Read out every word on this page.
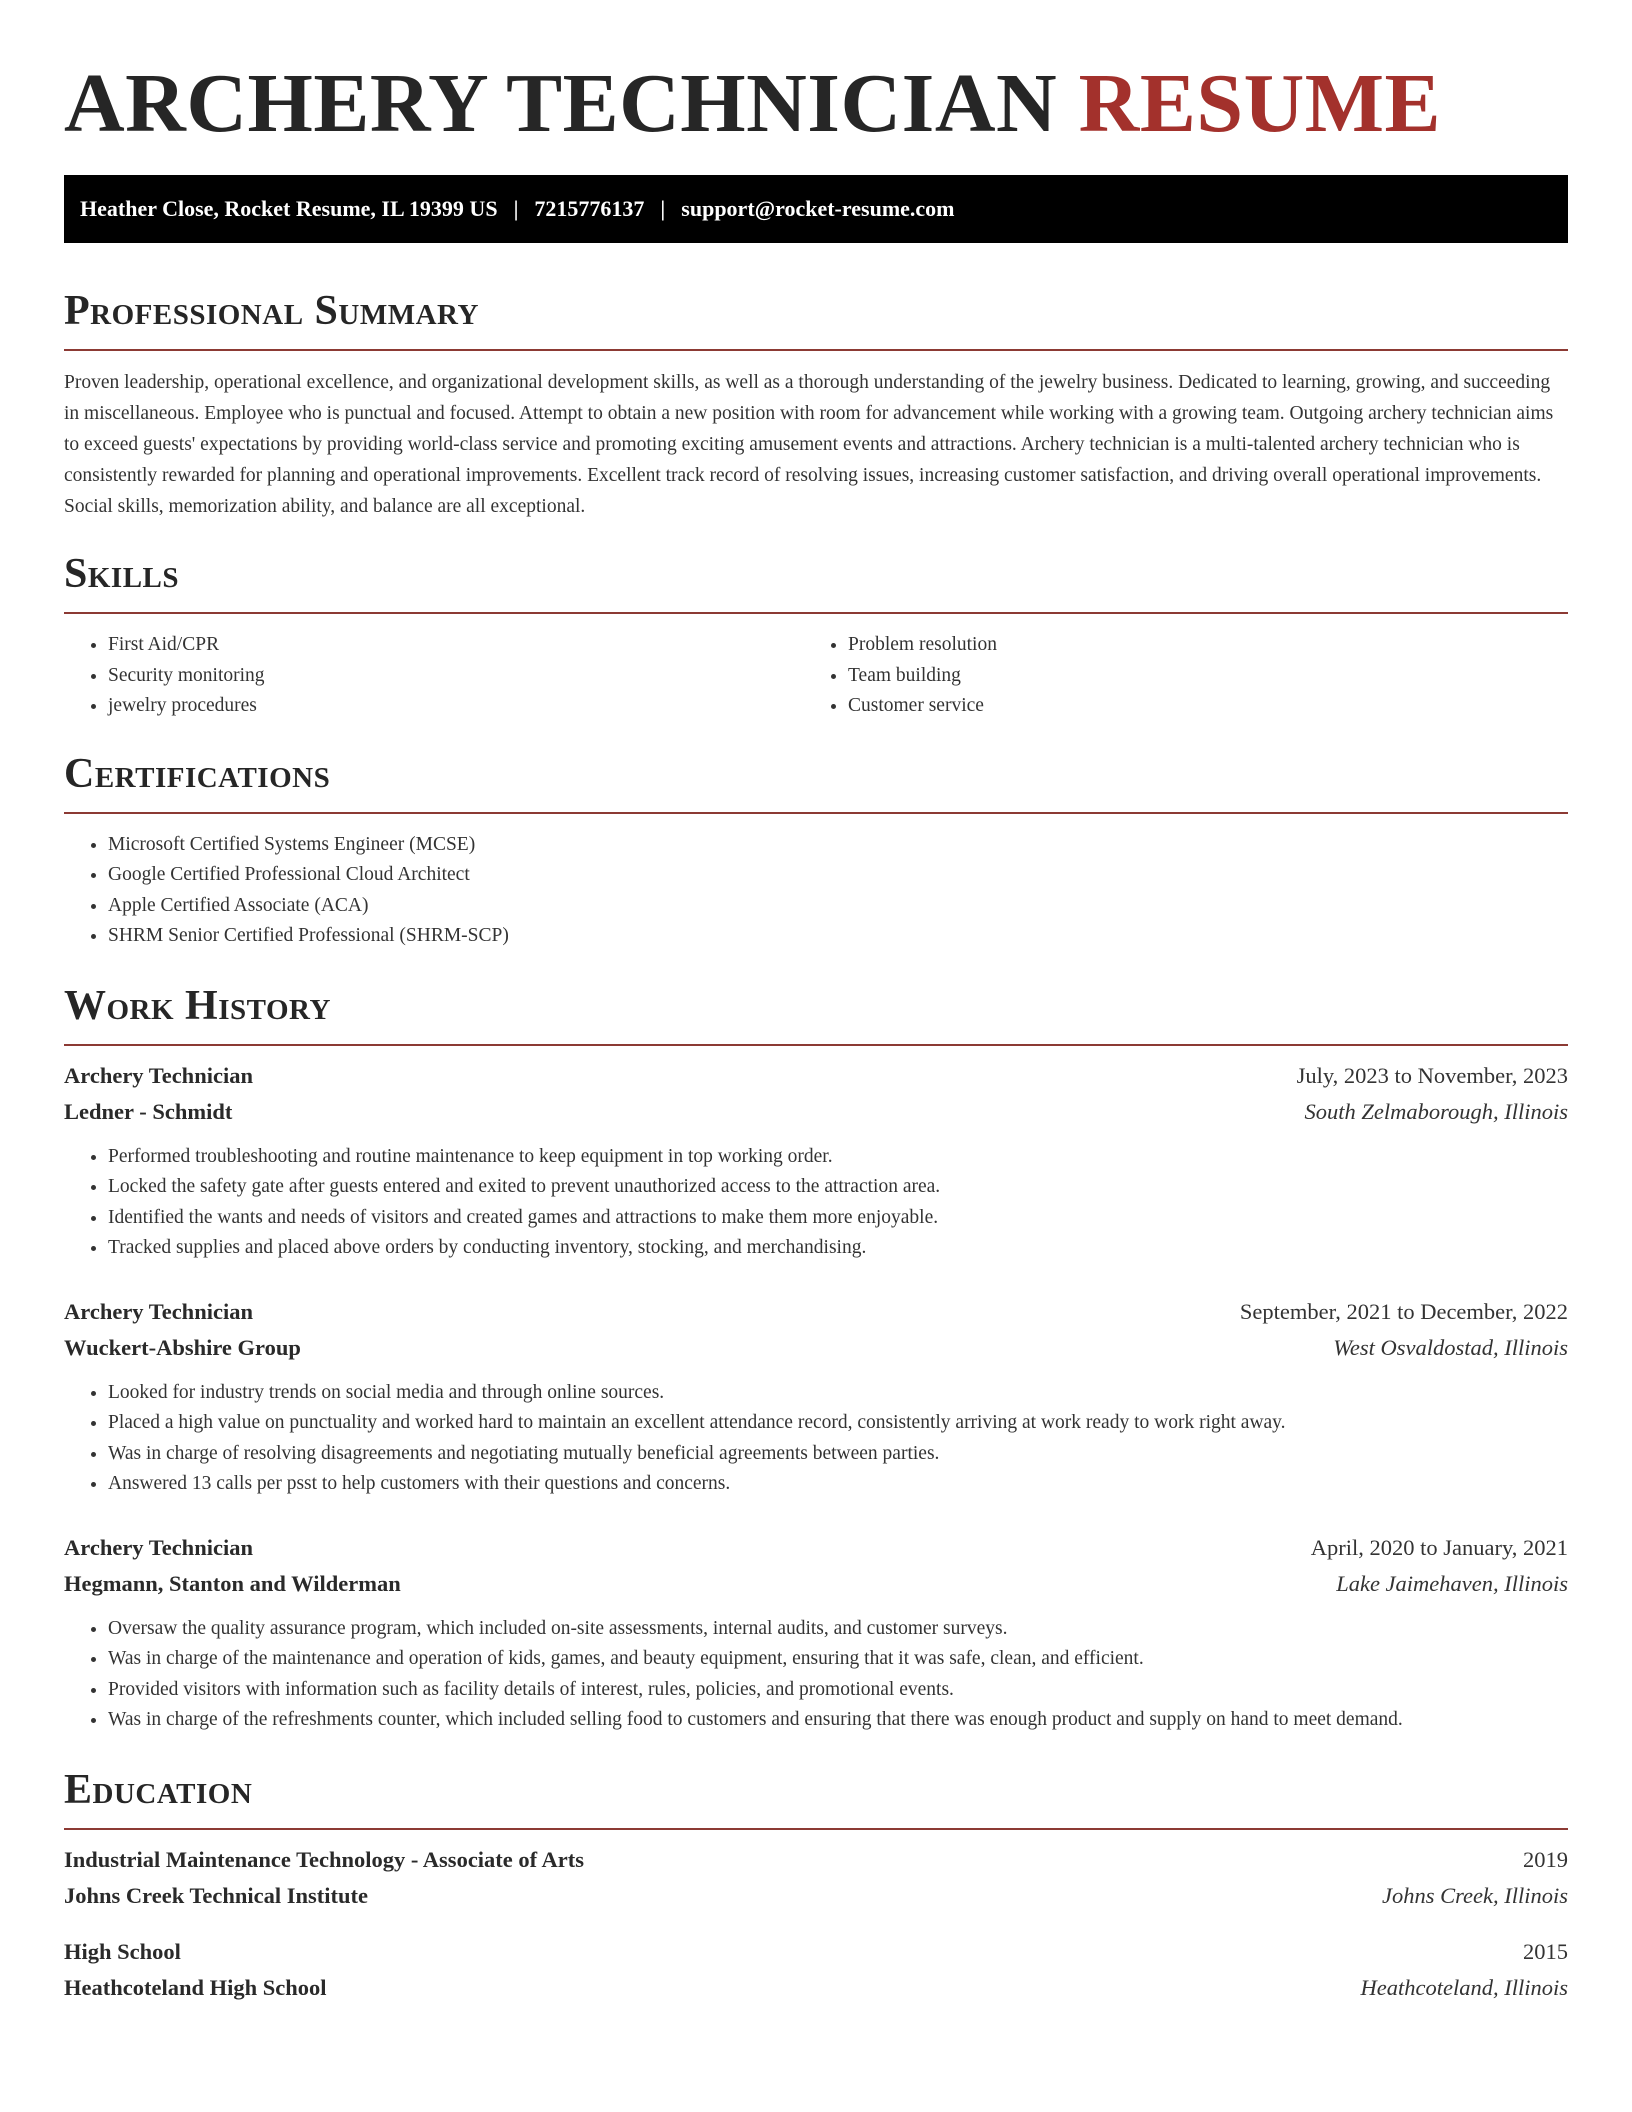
ARCHERY TECHNICIAN RESUME
Heather Close, Rocket Resume, IL 19399 US | 7215776137 | support@rocket-resume.com
Professional Summary

Proven leadership, operational excellence, and organizational development skills, as well as a thorough understanding of the jewelry business. Dedicated to learning, growing, and succeeding in miscellaneous. Employee who is punctual and focused. Attempt to obtain a new position with room for advancement while working with a growing team. Outgoing archery technician aims to exceed guests' expectations by providing world-class service and promoting exciting amusement events and attractions. Archery technician is a multi-talented archery technician who is consistently rewarded for planning and operational improvements. Excellent track record of resolving issues, increasing customer satisfaction, and driving overall operational improvements. Social skills, memorization ability, and balance are all exceptional.

Skills
• First Aid/CPR
• Security monitoring
• jewelry procedures
• Problem resolution
• Team building
• Customer service
Certifications
• Microsoft Certified Systems Engineer (MCSE)
• Google Certified Professional Cloud Architect
• Apple Certified Associate (ACA)
• SHRM Senior Certified Professional (SHRM-SCP)
Work History
Archery Technician	July, 2023 to November, 2023
Ledner - Schmidt	South Zelmaborough, Illinois
• Performed troubleshooting and routine maintenance to keep equipment in top working order.
• Locked the safety gate after guests entered and exited to prevent unauthorized access to the attraction area.
• Identified the wants and needs of visitors and created games and attractions to make them more enjoyable.
• Tracked supplies and placed above orders by conducting inventory, stocking, and merchandising.
Archery Technician	September, 2021 to December, 2022
Wuckert-Abshire Group	West Osvaldostad, Illinois
• Looked for industry trends on social media and through online sources.
• Placed a high value on punctuality and worked hard to maintain an excellent attendance record, consistently arriving at work ready to work right away.
• Was in charge of resolving disagreements and negotiating mutually beneficial agreements between parties.
• Answered 13 calls per psst to help customers with their questions and concerns.
Archery Technician	April, 2020 to January, 2021
Hegmann, Stanton and Wilderman	Lake Jaimehaven, Illinois
• Oversaw the quality assurance program, which included on-site assessments, internal audits, and customer surveys.
• Was in charge of the maintenance and operation of kids, games, and beauty equipment, ensuring that it was safe, clean, and efficient.
• Provided visitors with information such as facility details of interest, rules, policies, and promotional events.
• Was in charge of the refreshments counter, which included selling food to customers and ensuring that there was enough product and supply on hand to meet demand.
Education
Industrial Maintenance Technology - Associate of Arts	2019
Johns Creek Technical Institute	Johns Creek, Illinois
High School	2015
Heathcoteland High School	Heathcoteland, Illinois
